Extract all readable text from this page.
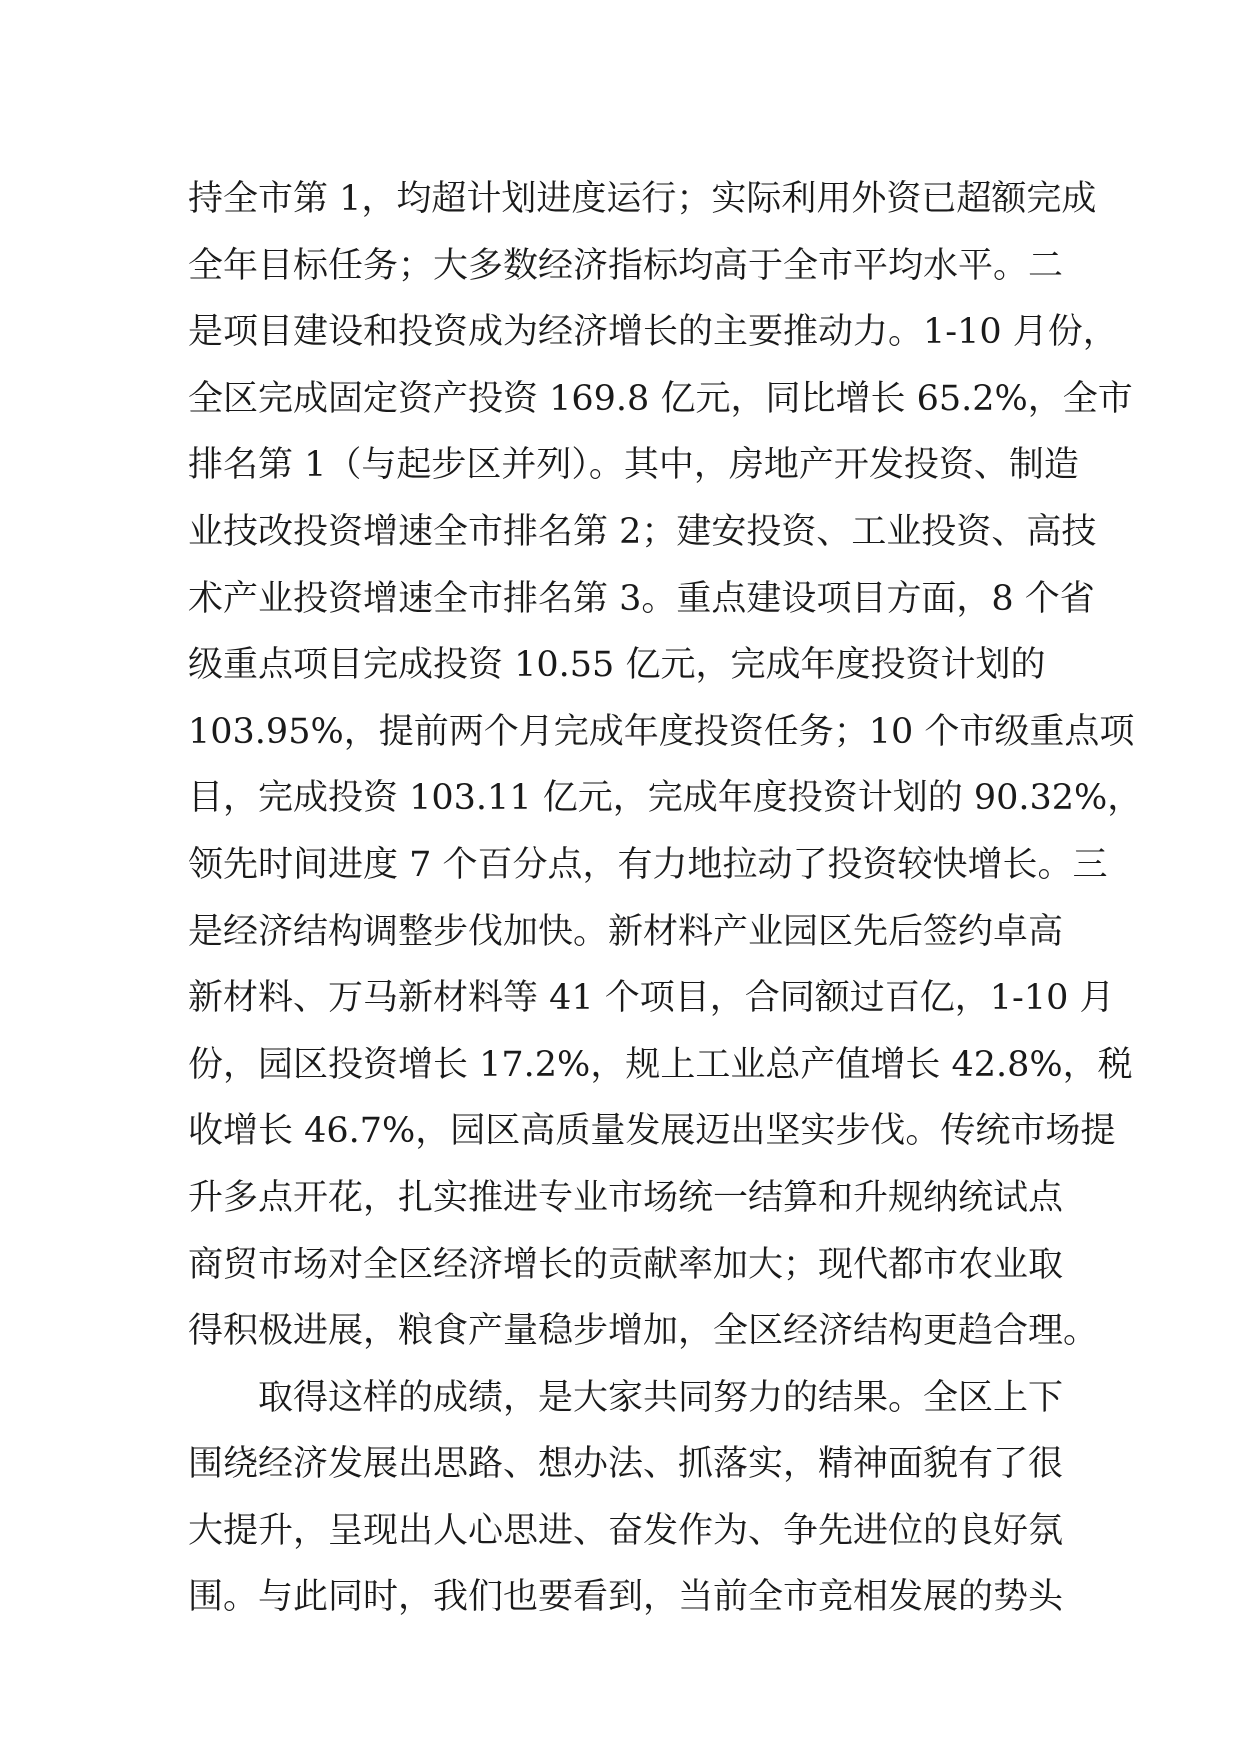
持全市第 1，均超计划进度运行；实际利用外资已超额完成
全年目标任务；大多数经济指标均高于全市平均水平。二
是项目建设和投资成为经济增长的主要推动力。1-10 月份，
全区完成固定资产投资 169.8 亿元，同比增长 65.2%，全市
排名第 1（与起步区并列）。其中，房地产开发投资、制造
业技改投资增速全市排名第 2；建安投资、工业投资、高技
术产业投资增速全市排名第 3。重点建设项目方面，8 个省
级重点项目完成投资 10.55 亿元，完成年度投资计划的
103.95%，提前两个月完成年度投资任务；10 个市级重点项
目，完成投资 103.11 亿元，完成年度投资计划的 90.32%，
领先时间进度 7 个百分点，有力地拉动了投资较快增长。三
是经济结构调整步伐加快。新材料产业园区先后签约卓高
新材料、万马新材料等 41 个项目，合同额过百亿，1-10 月
份，园区投资增长 17.2%，规上工业总产值增长 42.8%，税
收增长 46.7%，园区高质量发展迈出坚实步伐。传统市场提
升多点开花，扎实推进专业市场统一结算和升规纳统试点
商贸市场对全区经济增长的贡献率加大；现代都市农业取
得积极进展，粮食产量稳步增加，全区经济结构更趋合理。
取得这样的成绩，是大家共同努力的结果。全区上下
围绕经济发展出思路、想办法、抓落实，精神面貌有了很
大提升，呈现出人心思进、奋发作为、争先进位的良好氛
围。与此同时，我们也要看到，当前全市竞相发展的势头
